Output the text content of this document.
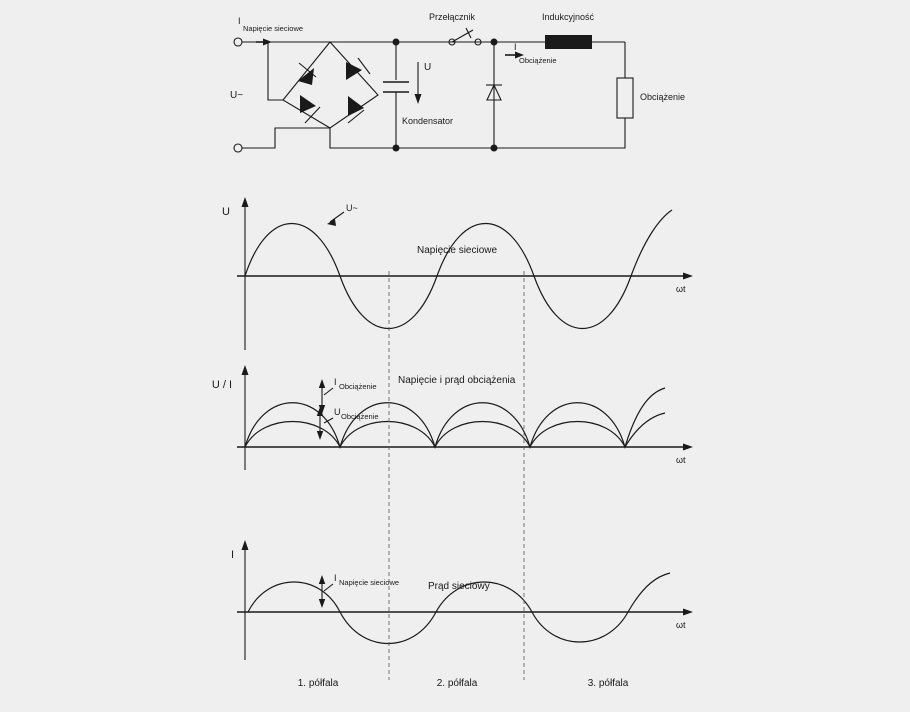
U
Kondensator
Przełącznik
I
Obciążenie
Indukcyjność
Obciążenie
I
Napięcie sieciowe
U~
U
ωt
U~
Napięcie sieciowe
U / I
ωt
I Obciążenie
U Obciążenie
Napięcie i prąd obciążenia
I
ωt
I Napięcie sieciowe	Prąd sieciowy
1. półfala	2. półfala	3. półfala
